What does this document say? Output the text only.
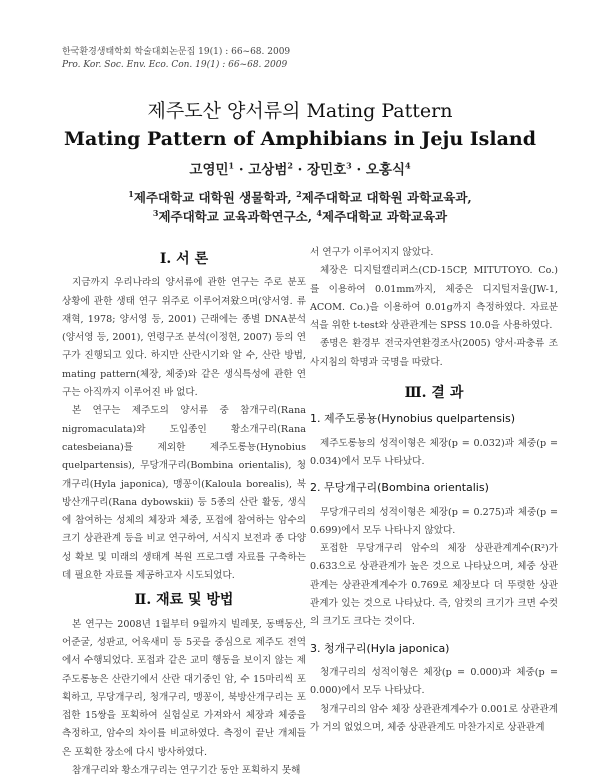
한국환경생태학회 학술대회논문집 19(1) : 66~68. 2009
Pro. Kor. Soc. Env. Eco. Con. 19(1) : 66~68. 2009
제주도산 양서류의 Mating Pattern
Mating Pattern of Amphibians in Jeju Island
고영민$^1$ · 고상범$^2$ · 장민호$^3$ · 오홍식$^4$
$^1$제주대학교 대학원 생물학과, $^2$제주대학교 대학원 과학교육과,
$^3$제주대학교 교육과학연구소, $^4$제주대학교 과학교육과
Ⅰ. 서 론

지금까지 우리나라의 양서류에 관한 연구는 주로 분포 상황에 관한 생태 연구 위주로 이루어져왔으며(양서영. 류재혁, 1978; 양서영 등, 2001) 근래에는 종별 DNA분석(양서영 등, 2001), 연령구조 분석(이정현, 2007) 등의 연구가 진행되고 있다. 하지만 산란시기와 알 수, 산란 방법, mating pattern(체장, 체중)와 같은 생식특성에 관한 연구는 아직까지 이루어진 바 없다.

본 연구는 제주도의 양서류 중 참개구리(Rana nigromaculata)와 도입종인 황소개구리(Rana catesbeiana)를 제외한 제주도롱뇽(Hynobius quelpartensis), 무당개구리(Bombina orientalis), 청개구리(Hyla japonica), 맹꽁이(Kaloula borealis), 북방산개구리(Rana dybowskii) 등 5종의 산란 활동, 생식에 참여하는 성체의 체장과 체중, 포접에 참여하는 암수의 크기 상관관계 등을 비교 연구하여, 서식지 보전과 종 다양성 확보 및 미래의 생태계 복원 프로그램 자료를 구축하는데 필요한 자료를 제공하고자 시도되었다.

Ⅱ. 재료 및 방법

본 연구는 2008년 1월부터 9월까지 빌레못, 동백동산, 어준굴, 성판교, 어욱새미 등 5곳을 중심으로 제주도 전역에서 수행되었다. 포접과 같은 교미 행동을 보이지 않는 제주도롱뇽은 산란기에서 산란 대기중인 암, 수 15마리씩 포획하고, 무당개구리, 청개구리, 맹꽁이, 북방산개구리는 포접한 15쌍을 포획하여 실험실로 가져와서 체장과 체중을 측정하고, 암수의 차이를 비교하였다. 측정이 끝난 개체들은 포획한 장소에 다시 방사하였다.

참개구리와 황소개구리는 연구기간 동안 포획하지 못해

서 연구가 이루어지지 않았다.

체장은 디지털캘리퍼스(CD-15CP, MITUTOYO. Co.)를 이용하여 0.01mm까지, 체중은 디지털저울(JW-1, ACOM. Co.)을 이용하여 0.01g까지 측정하였다. 자료분석을 위한 t-test와 상관관계는 SPSS 10.0을 사용하였다.

종명은 환경부 전국자연환경조사(2005) 양서·파충류 조사지침의 학명과 국명을 따랐다.

Ⅲ. 결 과
1. 제주도롱뇽(Hynobius quelpartensis)

제주도롱뇽의 성적이형은 체장(p = 0.032)과 체중(p = 0.034)에서 모두 나타났다.

2. 무당개구리(Bombina orientalis)

무당개구리의 성적이형은 체장(p = 0.275)과 체중(p = 0.699)에서 모두 나타나지 않았다.

포접한 무당개구리 암수의 체장 상관관계계수(R²)가 0.633으로 상관관계가 높은 것으로 나타났으며, 체중 상관관계는 상관관계계수가 0.769로 체장보다 더 뚜렷한 상관관계가 있는 것으로 나타났다. 즉, 암컷의 크기가 크면 수컷의 크기도 크다는 것이다.

3. 청개구리(Hyla japonica)

청개구리의 성적이형은 체장(p = 0.000)과 체중(p = 0.000)에서 모두 나타났다.

청개구리의 암수 체장 상관관계계수가 0.001로 상관관계가 거의 없었으며, 체중 상관관계도 마찬가지로 상관관계
